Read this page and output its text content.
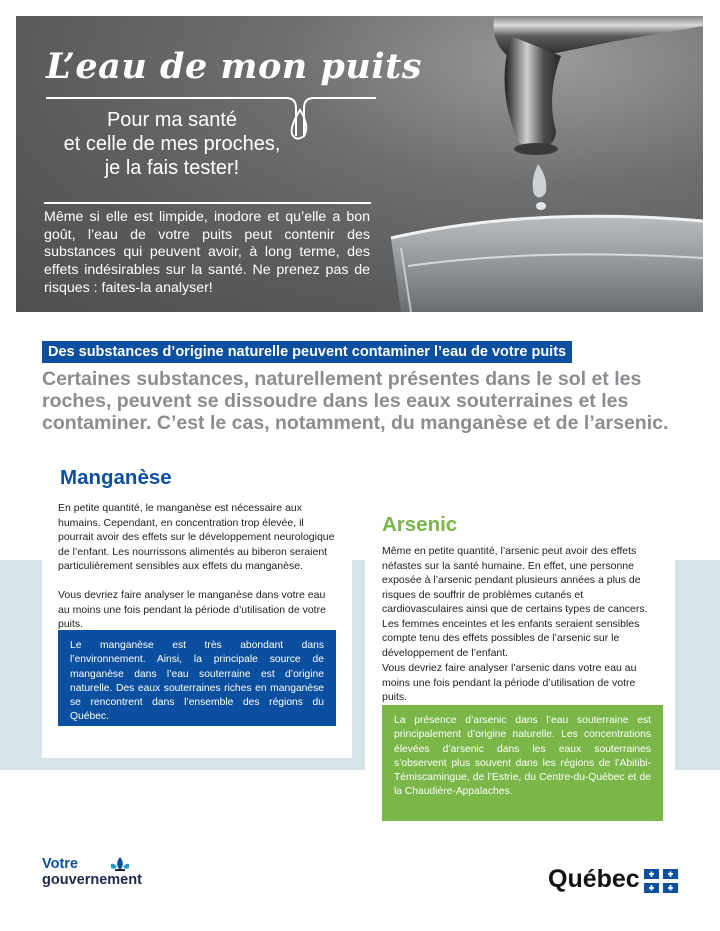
L’eau de mon puits

Pour ma santé
et celle de mes proches,
je la fais tester!

Même si elle est limpide, inodore et qu’elle a bon goût, l’eau de votre puits peut contenir des substances qui peuvent avoir, à long terme, des effets indésirables sur la santé. Ne prenez pas de risques : faites-la analyser!

Des substances d’origine naturelle peuvent contaminer l’eau de votre puits

Certaines substances, naturellement présentes dans le sol et les roches, peuvent se dissoudre dans les eaux souterraines et les contaminer. C’est le cas, notamment, du manganèse et de l’arsenic.

Manganèse

En petite quantité, le manganèse est nécessaire aux humains. Cependant, en concentration trop élevée, il pourrait avoir des effets sur le développement neurologique de l’enfant. Les nourrissons alimentés au biberon seraient particulièrement sensibles aux effets du manganèse.

Vous devriez faire analyser le manganèse dans votre eau au moins une fois pendant la période d’utilisation de votre puits.

Le manganèse est très abondant dans l’environnement. Ainsi, la principale source de manganèse dans l’eau souterraine est d’origine naturelle. Des eaux souterraines riches en manganèse se rencontrent dans l’ensemble des régions du Québec.

Arsenic

Même en petite quantité, l’arsenic peut avoir des effets néfastes sur la santé humaine. En effet, une personne exposée à l’arsenic pendant plusieurs années a plus de risques de souffrir de problèmes cutanés et cardiovasculaires ainsi que de certains types de cancers. Les femmes enceintes et les enfants seraient sensibles compte tenu des effets possibles de l’arsenic sur le développement de l’enfant.

Vous devriez faire analyser l’arsenic dans votre eau au moins une fois pendant la période d’utilisation de votre puits.

La présence d’arsenic dans l’eau souterraine est principalement d’origine naturelle. Les concentrations élevées d’arsenic dans les eaux souterraines s’observent plus souvent dans les régions de l’Abitibi-Témiscamingue, de l’Estrie, du Centre-du-Québec et de la Chaudière-Appalaches.

Votre
gouvernement	Québec
